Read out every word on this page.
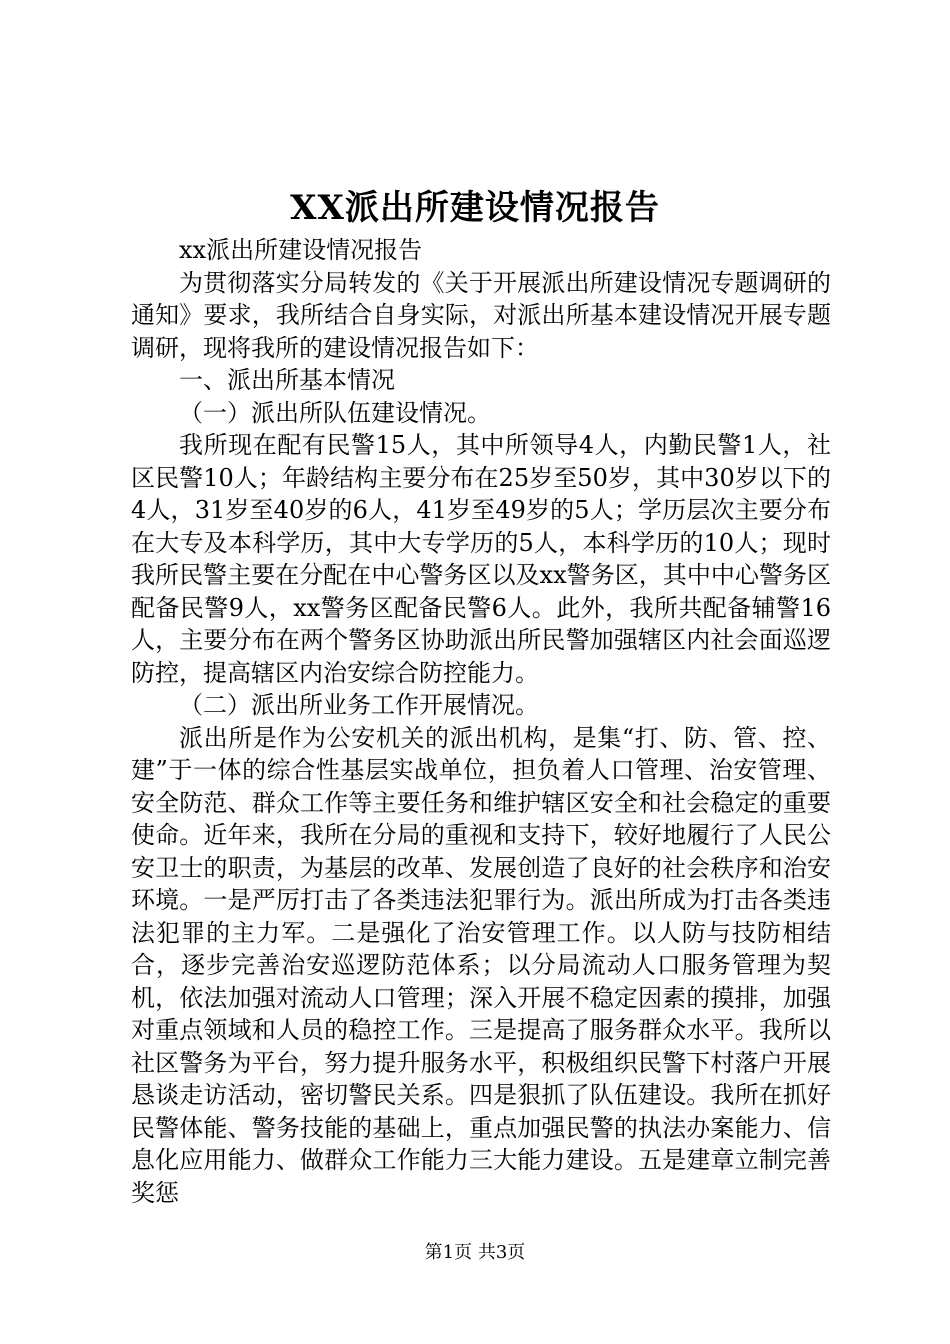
XX派出所建设情况报告

xx派出所建设情况报告

为贯彻落实分局转发的《关于开展派出所建设情况专题调研的通知》要求，我所结合自身实际，对派出所基本建设情况开展专题调研，现将我所的建设情况报告如下：

一、派出所基本情况

（一）派出所队伍建设情况。

我所现在配有民警15人，其中所领导4人，内勤民警1人，社区民警10人；年龄结构主要分布在25岁至50岁，其中30岁以下的4人，31岁至40岁的6人，41岁至49岁的5人；学历层次主要分布在大专及本科学历，其中大专学历的5人，本科学历的10人；现时我所民警主要在分配在中心警务区以及xx警务区，其中中心警务区配备民警9人，xx警务区配备民警6人。此外，我所共配备辅警16人，主要分布在两个警务区协助派出所民警加强辖区内社会面巡逻防控，提高辖区内治安综合防控能力。

（二）派出所业务工作开展情况。

派出所是作为公安机关的派出机构，是集“打、防、管、控、建”于一体的综合性基层实战单位，担负着人口管理、治安管理、安全防范、群众工作等主要任务和维护辖区安全和社会稳定的重要使命。近年来，我所在分局的重视和支持下，较好地履行了人民公安卫士的职责，为基层的改革、发展创造了良好的社会秩序和治安环境。一是严厉打击了各类违法犯罪行为。派出所成为打击各类违法犯罪的主力军。二是强化了治安管理工作。以人防与技防相结合，逐步完善治安巡逻防范体系；以分局流动人口服务管理为契机，依法加强对流动人口管理；深入开展不稳定因素的摸排，加强对重点领域和人员的稳控工作。三是提高了服务群众水平。我所以社区警务为平台，努力提升服务水平，积极组织民警下村落户开展恳谈走访活动，密切警民关系。四是狠抓了队伍建设。我所在抓好民警体能、警务技能的基础上，重点加强民警的执法办案能力、信息化应用能力、做群众工作能力三大能力建设。五是建章立制完善奖惩

第1页 共3页
